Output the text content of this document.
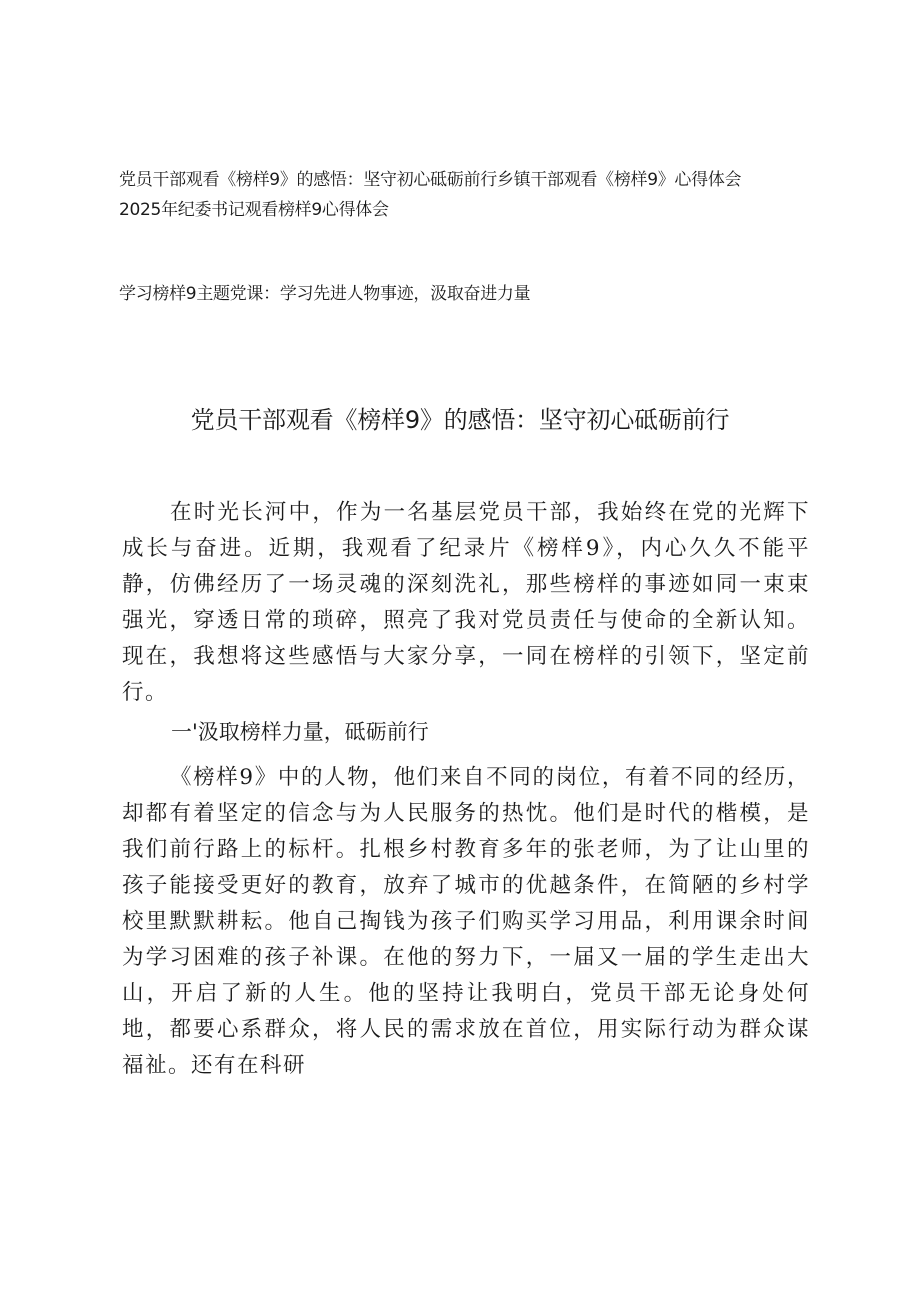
党员干部观看《榜样9》的感悟：坚守初心砥砺前行乡镇干部观看《榜样9》心得体会
2025年纪委书记观看榜样9心得体会
学习榜样9主题党课：学习先进人物事迹，汲取奋进力量
党员干部观看《榜样9》的感悟：坚守初心砥砺前行

在时光长河中，作为一名基层党员干部，我始终在党的光辉下成长与奋进。近期，我观看了纪录片《榜样9》，内心久久不能平静，仿佛经历了一场灵魂的深刻洗礼，那些榜样的事迹如同一束束强光，穿透日常的琐碎，照亮了我对党员责任与使命的全新认知。现在，我想将这些感悟与大家分享，一同在榜样的引领下，坚定前行。

一'汲取榜样力量，砥砺前行

《榜样9》中的人物，他们来自不同的岗位，有着不同的经历，却都有着坚定的信念与为人民服务的热忱。他们是时代的楷模，是我们前行路上的标杆。扎根乡村教育多年的张老师，为了让山里的孩子能接受更好的教育，放弃了城市的优越条件，在简陋的乡村学校里默默耕耘。他自己掏钱为孩子们购买学习用品，利用课余时间为学习困难的孩子补课。在他的努力下，一届又一届的学生走出大山，开启了新的人生。他的坚持让我明白，党员干部无论身处何地，都要心系群众，将人民的需求放在首位，用实际行动为群众谋福祉。还有在科研
